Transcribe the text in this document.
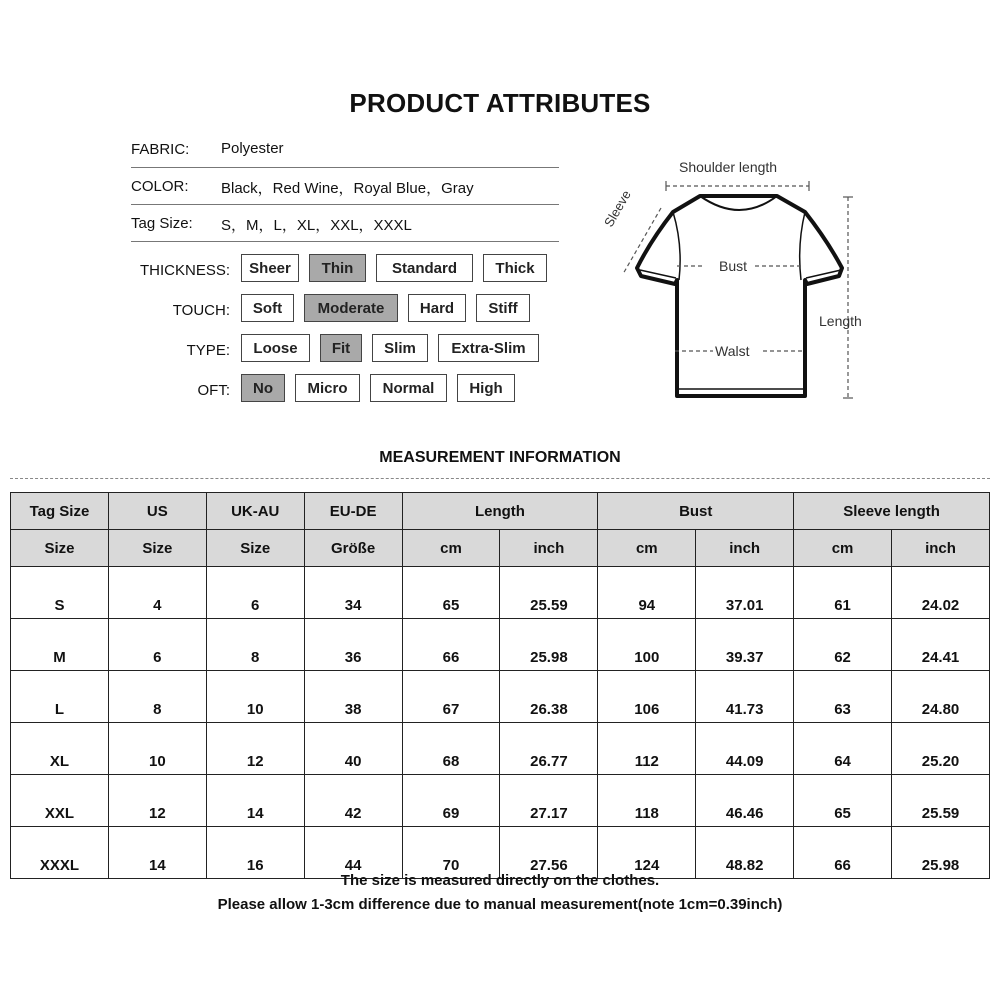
PRODUCT ATTRIBUTES
FABRIC: Polyester
COLOR: Black，Red Wine，Royal Blue，Gray
Tag Size: S，M，L，XL，XXL，XXXL
THICKNESS:	Sheer	Thin	Standard	Thick
TOUCH:	Soft	Moderate	Hard	Stiff
TYPE:	Loose	Fit	Slim	Extra-Slim
OFT:	No	Micro	Normal	High
Shoulder length
Sleeve
Bust
Walst
Length
MEASUREMENT INFORMATION
Tag Size	US	UK-AU	EU-DE	Length		Bust		Sleeve length	
Size	Size	Size	Größe	cm	inch	cm	inch	cm	inch
S	4	6	34	65	25.59	94	37.01	61	24.02
M	6	8	36	66	25.98	100	39.37	62	24.41
L	8	10	38	67	26.38	106	41.73	63	24.80
XL	10	12	40	68	26.77	112	44.09	64	25.20
XXL	12	14	42	69	27.17	118	46.46	65	25.59
XXXL	14	16	44	70	27.56	124	48.82	66	25.98
The size is measured directly on the clothes.
Please allow 1-3cm difference due to manual measurement(note 1cm=0.39inch)
